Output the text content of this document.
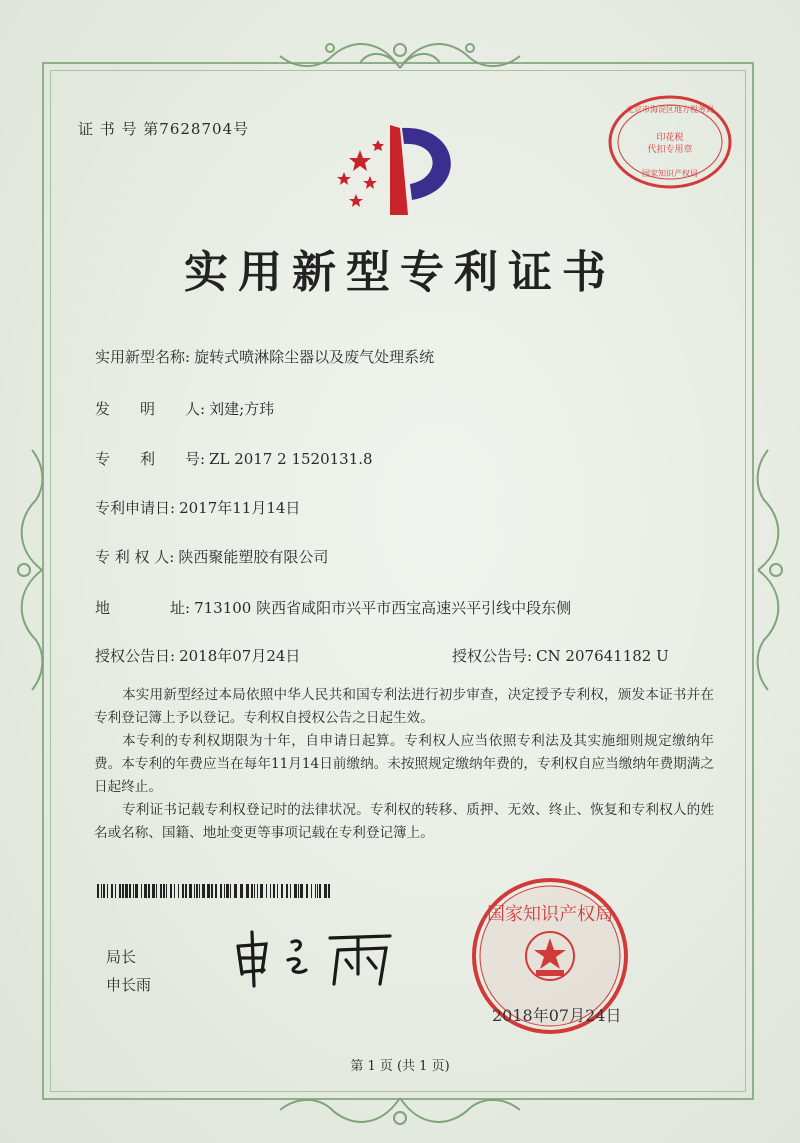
证 书 号 第7628704号
实用新型专利证书
实用新型名称: 旋转式喷淋除尘器以及废气处理系统
发　　明　　人: 刘建;方玮
专　　利　　号: ZL 2017 2 1520131.8
专利申请日: 2017年11月14日
专 利 权 人: 陕西聚能塑胶有限公司
地　　　　址: 713100 陕西省咸阳市兴平市西宝高速兴平引线中段东侧
授权公告日: 2018年07月24日	授权公告号: CN 207641182 U
本实用新型经过本局依照中华人民共和国专利法进行初步审查，决定授予专利权，颁发本证书并在专利登记簿上予以登记。专利权自授权公告之日起生效。
本专利的专利权期限为十年，自申请日起算。专利权人应当依照专利法及其实施细则规定缴纳年费。本专利的年费应当在每年11月14日前缴纳。未按照规定缴纳年费的，专利权自应当缴纳年费期满之日起终止。
专利证书记载专利权登记时的法律状况。专利权的转移、质押、无效、终止、恢复和专利权人的姓名或名称、国籍、地址变更等事项记载在专利登记簿上。
局长
申长雨
国家知识产权局
2018年07月24日
北京市海淀区地方税务局
印花税
代扣专用章
国家知识产权局
第 1 页 (共 1 页)
